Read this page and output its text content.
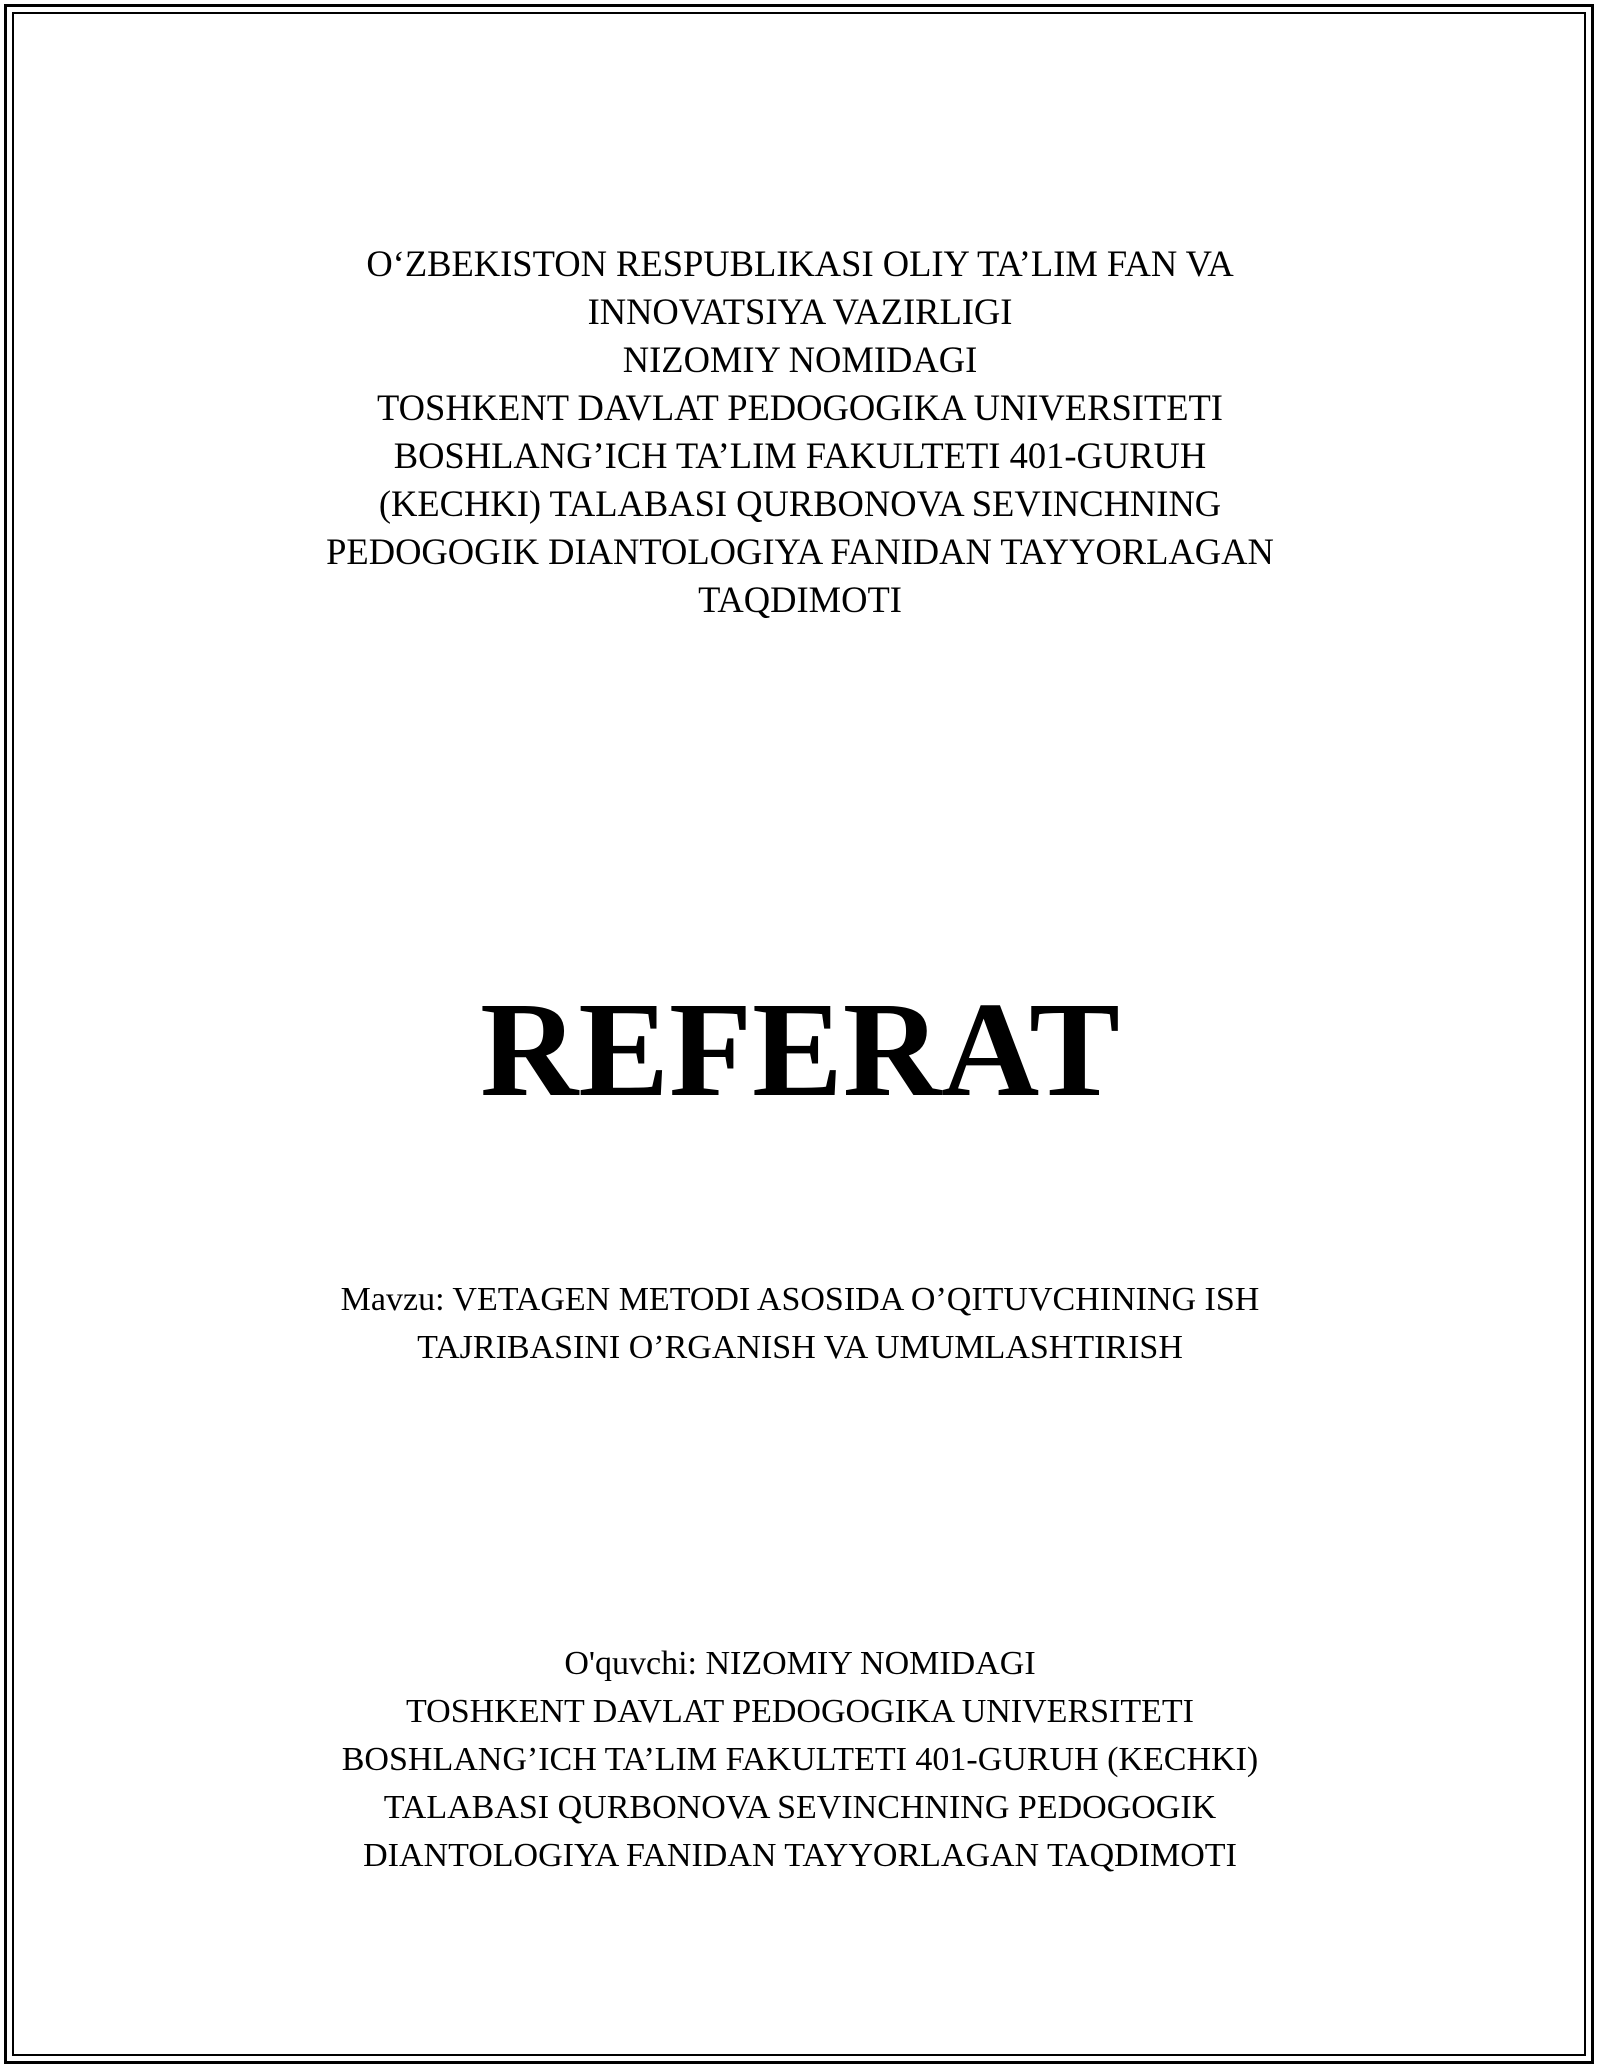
O‘ZBEKISTON RESPUBLIKASI OLIY TA’LIM FAN VA
INNOVATSIYA VAZIRLIGI
NIZOMIY NOMIDAGI
TOSHKENT DAVLAT PEDOGOGIKA UNIVERSITETI
BOSHLANG’ICH TA’LIM FAKULTETI 401-GURUH
(KECHKI) TALABASI QURBONOVA SEVINCHNING
PEDOGOGIK DIANTOLOGIYA FANIDAN TAYYORLAGAN
TAQDIMOTI
REFERAT
Mavzu: VETAGEN METODI ASOSIDA O’QITUVCHINING ISH
TAJRIBASINI O’RGANISH VA UMUMLASHTIRISH
O'quvchi: NIZOMIY NOMIDAGI
TOSHKENT DAVLAT PEDOGOGIKA UNIVERSITETI
BOSHLANG’ICH TA’LIM FAKULTETI 401-GURUH (KECHKI)
TALABASI QURBONOVA SEVINCHNING PEDOGOGIK
DIANTOLOGIYA FANIDAN TAYYORLAGAN TAQDIMOTI
